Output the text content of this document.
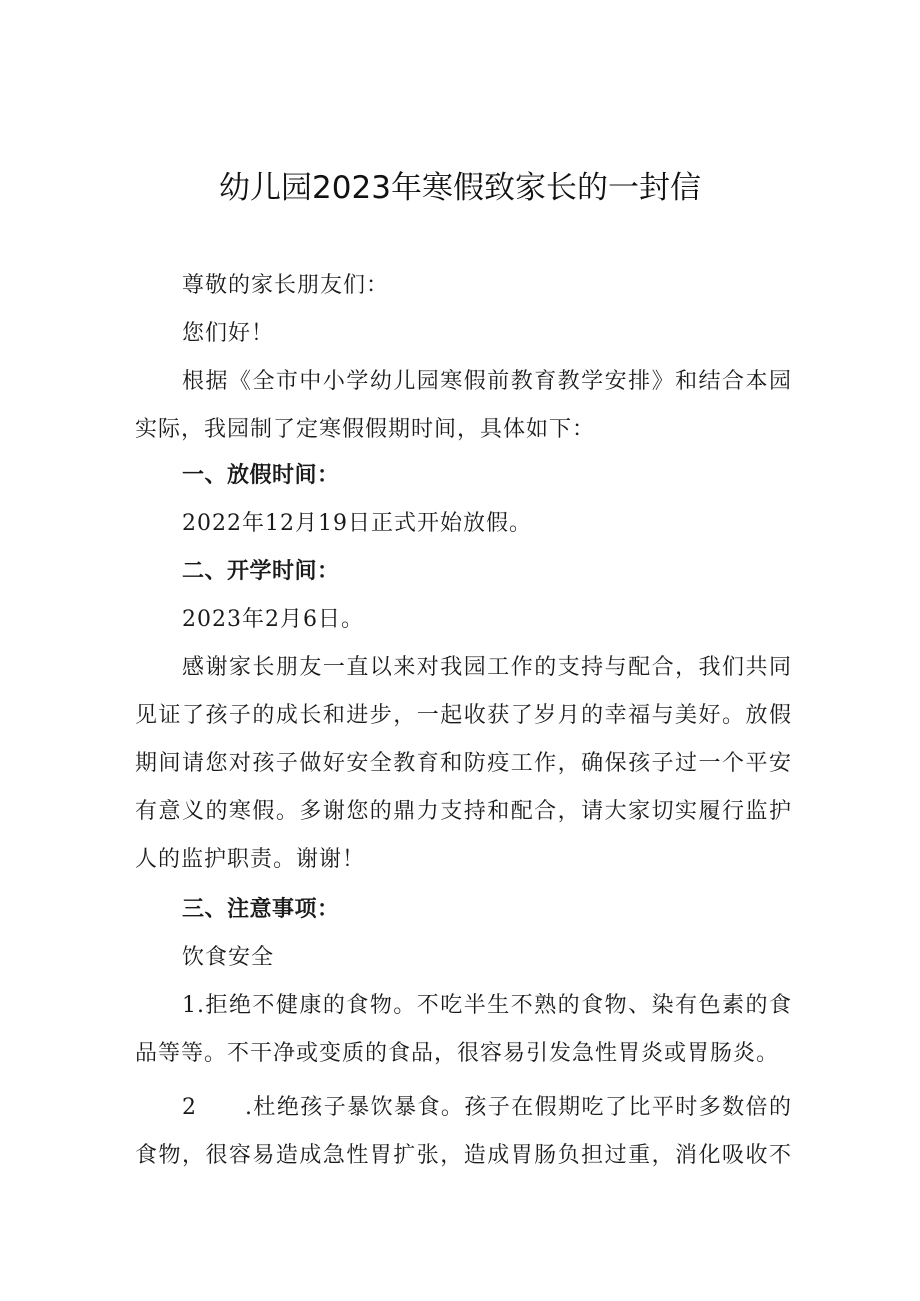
幼儿园2023年寒假致家长的一封信
尊敬的家长朋友们：
您们好！
根据《全市中小学幼儿园寒假前教育教学安排》和结合本园
实际，我园制了定寒假假期时间，具体如下：
一、放假时间：
2022年12月19日正式开始放假。
二、开学时间：
2023年2月6日。
感谢家长朋友一直以来对我园工作的支持与配合，我们共同
见证了孩子的成长和进步，一起收获了岁月的幸福与美好。放假
期间请您对孩子做好安全教育和防疫工作，确保孩子过一个平安
有意义的寒假。多谢您的鼎力支持和配合，请大家切实履行监护
人的监护职责。谢谢！
三、注意事项：
饮食安全
1.拒绝不健康的食物。不吃半生不熟的食物、染有色素的食
品等等。不干净或变质的食品，很容易引发急性胃炎或胃肠炎。
2 .杜绝孩子暴饮暴食。孩子在假期吃了比平时多数倍的
食物，很容易造成急性胃扩张，造成胃肠负担过重，消化吸收不
